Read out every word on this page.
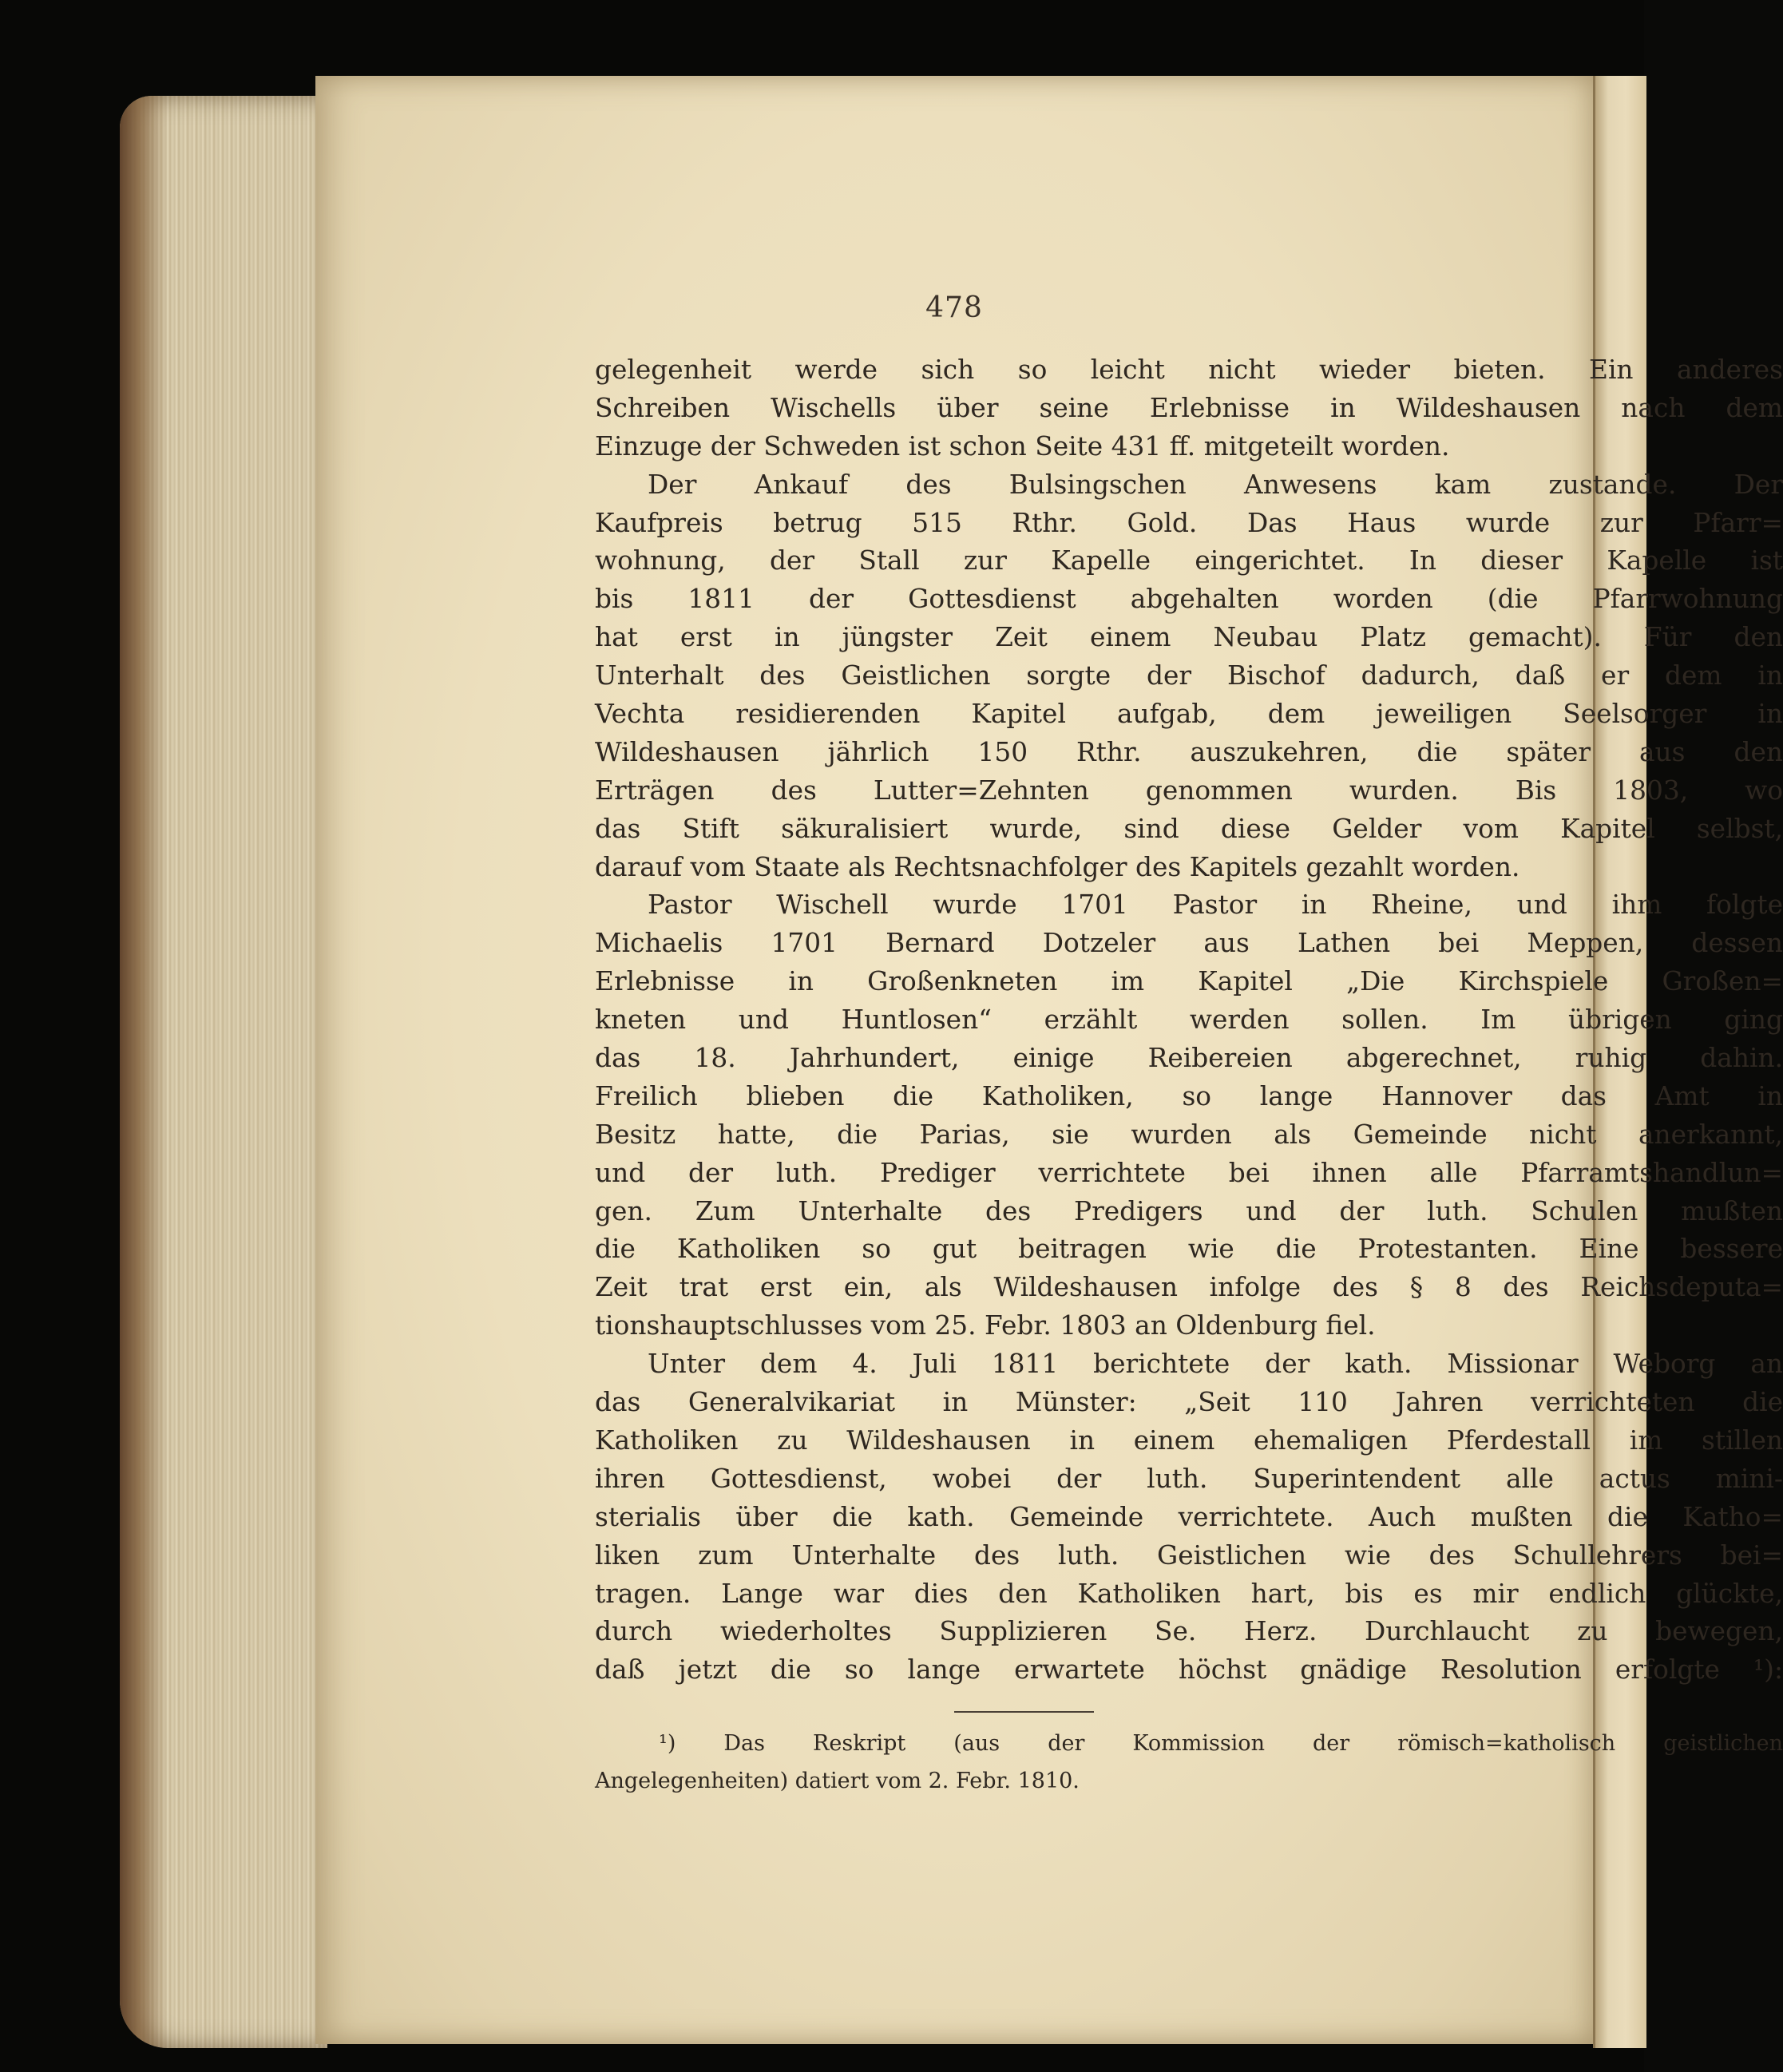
478
gelegenheit werde sich so leicht nicht wieder bieten. Ein anderes
Schreiben Wischells über seine Erlebnisse in Wildeshausen nach dem
Einzuge der Schweden ist schon Seite 431 ff. mitgeteilt worden.
Der Ankauf des Bulsingschen Anwesens kam zustande. Der
Kaufpreis betrug 515 Rthr. Gold. Das Haus wurde zur Pfarr=
wohnung, der Stall zur Kapelle eingerichtet. In dieser Kapelle ist
bis 1811 der Gottesdienst abgehalten worden (die Pfarrwohnung
hat erst in jüngster Zeit einem Neubau Platz gemacht). Für den
Unterhalt des Geistlichen sorgte der Bischof dadurch, daß er dem in
Vechta residierenden Kapitel aufgab, dem jeweiligen Seelsorger in
Wildeshausen jährlich 150 Rthr. auszukehren, die später aus den
Erträgen des Lutter=Zehnten genommen wurden. Bis 1803, wo
das Stift säkuralisiert wurde, sind diese Gelder vom Kapitel selbst,
darauf vom Staate als Rechtsnachfolger des Kapitels gezahlt worden.
Pastor Wischell wurde 1701 Pastor in Rheine, und ihm folgte
Michaelis 1701 Bernard Dotzeler aus Lathen bei Meppen, dessen
Erlebnisse in Großenkneten im Kapitel „Die Kirchspiele Großen=
kneten und Huntlosen“ erzählt werden sollen. Im übrigen ging
das 18. Jahrhundert, einige Reibereien abgerechnet, ruhig dahin.
Freilich blieben die Katholiken, so lange Hannover das Amt in
Besitz hatte, die Parias, sie wurden als Gemeinde nicht anerkannt,
und der luth. Prediger verrichtete bei ihnen alle Pfarramtshandlun=
gen. Zum Unterhalte des Predigers und der luth. Schulen mußten
die Katholiken so gut beitragen wie die Protestanten. Eine bessere
Zeit trat erst ein, als Wildeshausen infolge des § 8 des Reichsdeputa=
tionshauptschlusses vom 25. Febr. 1803 an Oldenburg fiel.
Unter dem 4. Juli 1811 berichtete der kath. Missionar Weborg an
das Generalvikariat in Münster: „Seit 110 Jahren verrichteten die
Katholiken zu Wildeshausen in einem ehemaligen Pferdestall im stillen
ihren Gottesdienst, wobei der luth. Superintendent alle actus mini-
sterialis über die kath. Gemeinde verrichtete. Auch mußten die Katho=
liken zum Unterhalte des luth. Geistlichen wie des Schullehrers bei=
tragen. Lange war dies den Katholiken hart, bis es mir endlich glückte,
durch wiederholtes Supplizieren Se. Herz. Durchlaucht zu bewegen,
daß jetzt die so lange erwartete höchst gnädige Resolution erfolgte ¹):
¹) Das Reskript (aus der Kommission der römisch=katholisch geistlichen
Angelegenheiten) datiert vom 2. Febr. 1810.
